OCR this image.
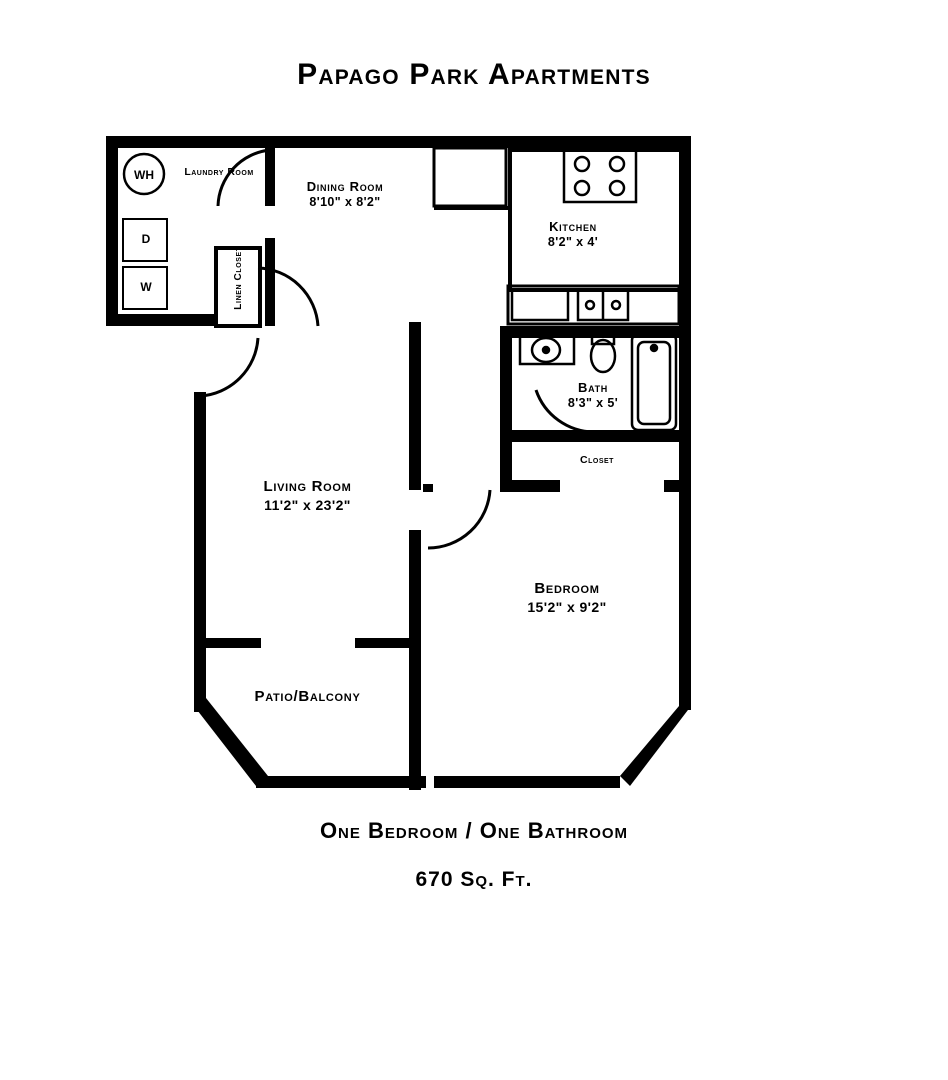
Papago Park Apartments
WH
D
W
Laundry Room
Dining Room
8'10" x 8'2"
Kitchen
8'2" x 4'
Bath
8'3" x 5'
Closet
Linen Closet
Living Room
11'2" x 23'2"
Bedroom
15'2" x 9'2"
Patio/Balcony
One Bedroom / One Bathroom
670 Sq. Ft.
